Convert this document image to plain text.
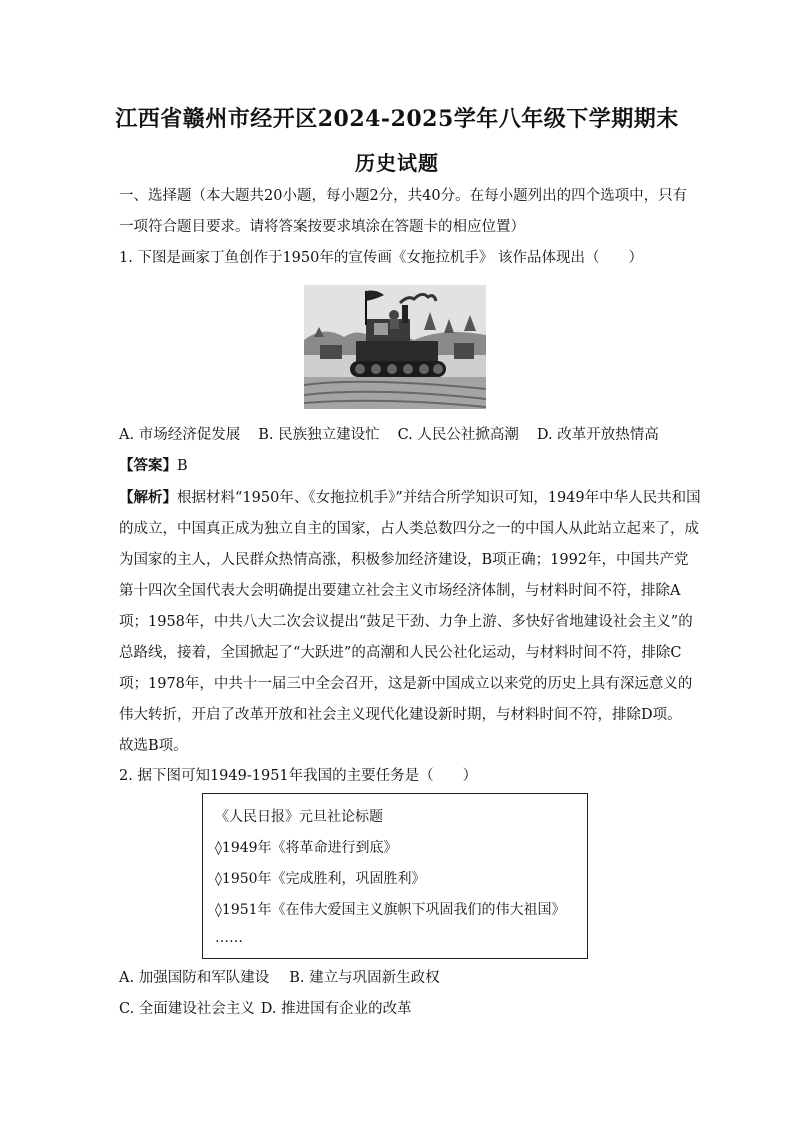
江西省赣州市经开区2024-2025学年八年级下学期期末
历史试题
一、选择题（本大题共20小题，每小题2分，共40分。在每小题列出的四个选项中，只有
一项符合题目要求。请将答案按要求填涂在答题卡的相应位置）
1. 下图是画家丁鱼创作于1950年的宣传画《女拖拉机手》 该作品体现出（　　）
A. 市场经济促发展 B. 民族独立建设忙 C. 人民公社掀高潮 D. 改革开放热情高
【答案】B
【解析】根据材料“1950年、《女拖拉机手》”并结合所学知识可知，1949年中华人民共和国
的成立，中国真正成为独立自主的国家，占人类总数四分之一的中国人从此站立起来了，成
为国家的主人，人民群众热情高涨，积极参加经济建设，B项正确；1992年，中国共产党
第十四次全国代表大会明确提出要建立社会主义市场经济体制，与材料时间不符，排除A
项；1958年，中共八大二次会议提出“鼓足干劲、力争上游、多快好省地建设社会主义”的
总路线，接着，全国掀起了“大跃进”的高潮和人民公社化运动，与材料时间不符，排除C
项；1978年，中共十一届三中全会召开，这是新中国成立以来党的历史上具有深远意义的
伟大转折，开启了改革开放和社会主义现代化建设新时期，与材料时间不符，排除D项。
故选B项。
2. 据下图可知1949-1951年我国的主要任务是（　　）
《人民日报》元旦社论标题
◊1949年《将革命进行到底》
◊1950年《完成胜利，巩固胜利》
◊1951年《在伟大爱国主义旗帜下巩固我们的伟大祖国》
……
A. 加强国防和军队建设 B. 建立与巩固新生政权
C. 全面建设社会主义 D. 推进国有企业的改革
